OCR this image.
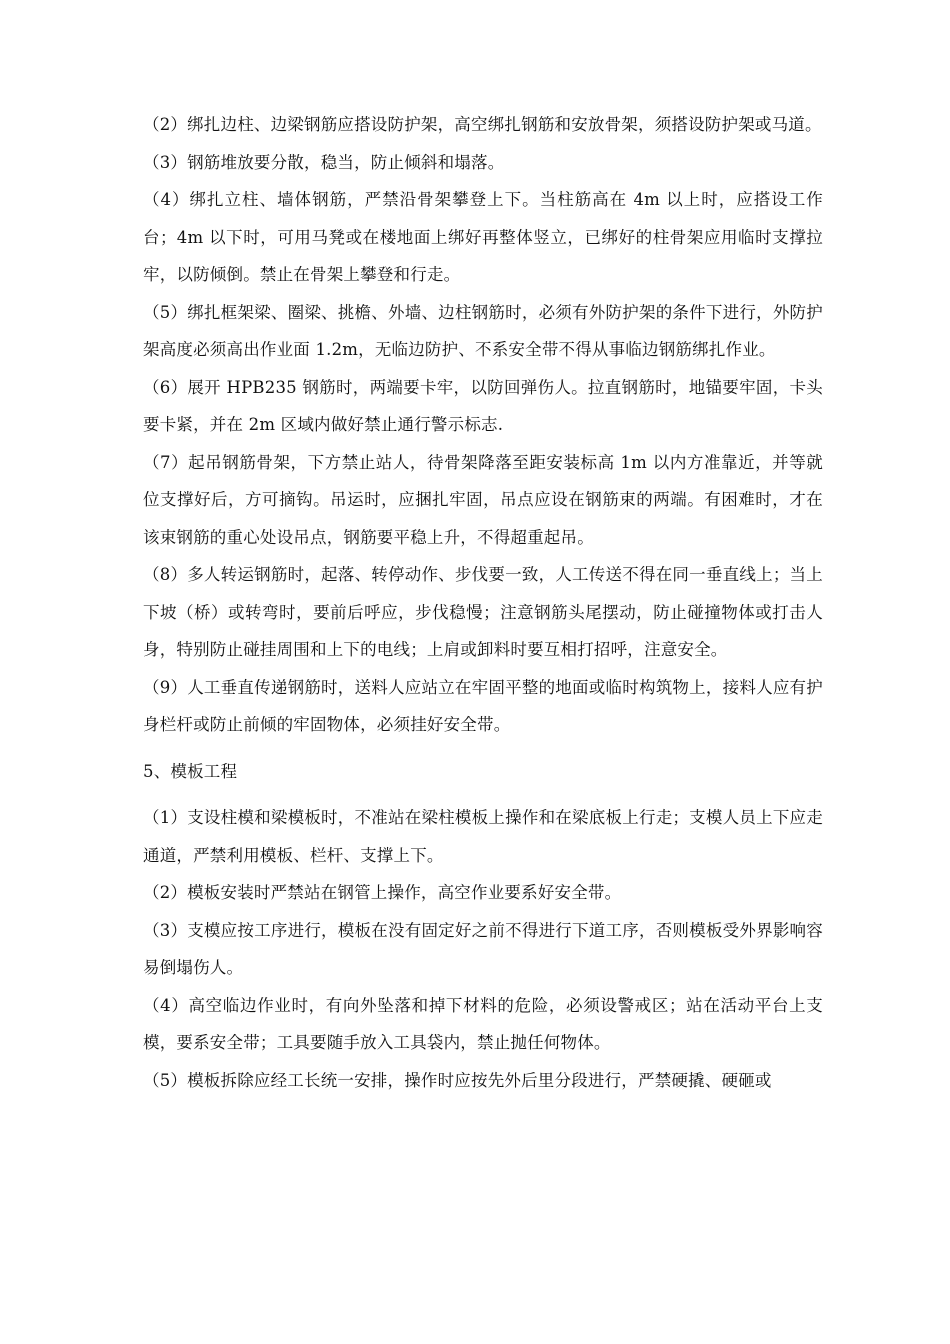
（2）绑扎边柱、边梁钢筋应搭设防护架，高空绑扎钢筋和安放骨架，须搭设防护架或马道。

（3）钢筋堆放要分散，稳当，防止倾斜和塌落。

（4）绑扎立柱、墙体钢筋，严禁沿骨架攀登上下。当柱筋高在 4m 以上时，应搭设工作台；4m 以下时，可用马凳或在楼地面上绑好再整体竖立，已绑好的柱骨架应用临时支撑拉牢，以防倾倒。禁止在骨架上攀登和行走。

（5）绑扎框架梁、圈梁、挑檐、外墙、边柱钢筋时，必须有外防护架的条件下进行，外防护架高度必须高出作业面 1.2m，无临边防护、不系安全带不得从事临边钢筋绑扎作业。

（6）展开 HPB235 钢筋时，两端要卡牢，以防回弹伤人。拉直钢筋时，地锚要牢固，卡头要卡紧，并在 2m 区域内做好禁止通行警示标志.

（7）起吊钢筋骨架，下方禁止站人，待骨架降落至距安装标高 1m 以内方准靠近，并等就位支撑好后，方可摘钩。吊运时，应捆扎牢固，吊点应设在钢筋束的两端。有困难时，才在该束钢筋的重心处设吊点，钢筋要平稳上升，不得超重起吊。

（8）多人转运钢筋时，起落、转停动作、步伐要一致，人工传送不得在同一垂直线上；当上下坡（桥）或转弯时，要前后呼应，步伐稳慢；注意钢筋头尾摆动，防止碰撞物体或打击人身，特别防止碰挂周围和上下的电线；上肩或卸料时要互相打招呼，注意安全。

（9）人工垂直传递钢筋时，送料人应站立在牢固平整的地面或临时构筑物上，接料人应有护身栏杆或防止前倾的牢固物体，必须挂好安全带。

5、模板工程

（1）支设柱模和梁模板时，不准站在梁柱模板上操作和在梁底板上行走；支模人员上下应走通道，严禁利用模板、栏杆、支撑上下。

（2）模板安装时严禁站在钢管上操作，高空作业要系好安全带。

（3）支模应按工序进行，模板在没有固定好之前不得进行下道工序，否则模板受外界影响容易倒塌伤人。

（4）高空临边作业时，有向外坠落和掉下材料的危险，必须设警戒区；站在活动平台上支模，要系安全带；工具要随手放入工具袋内，禁止抛任何物体。

（5）模板拆除应经工长统一安排，操作时应按先外后里分段进行，严禁硬撬、硬砸或
